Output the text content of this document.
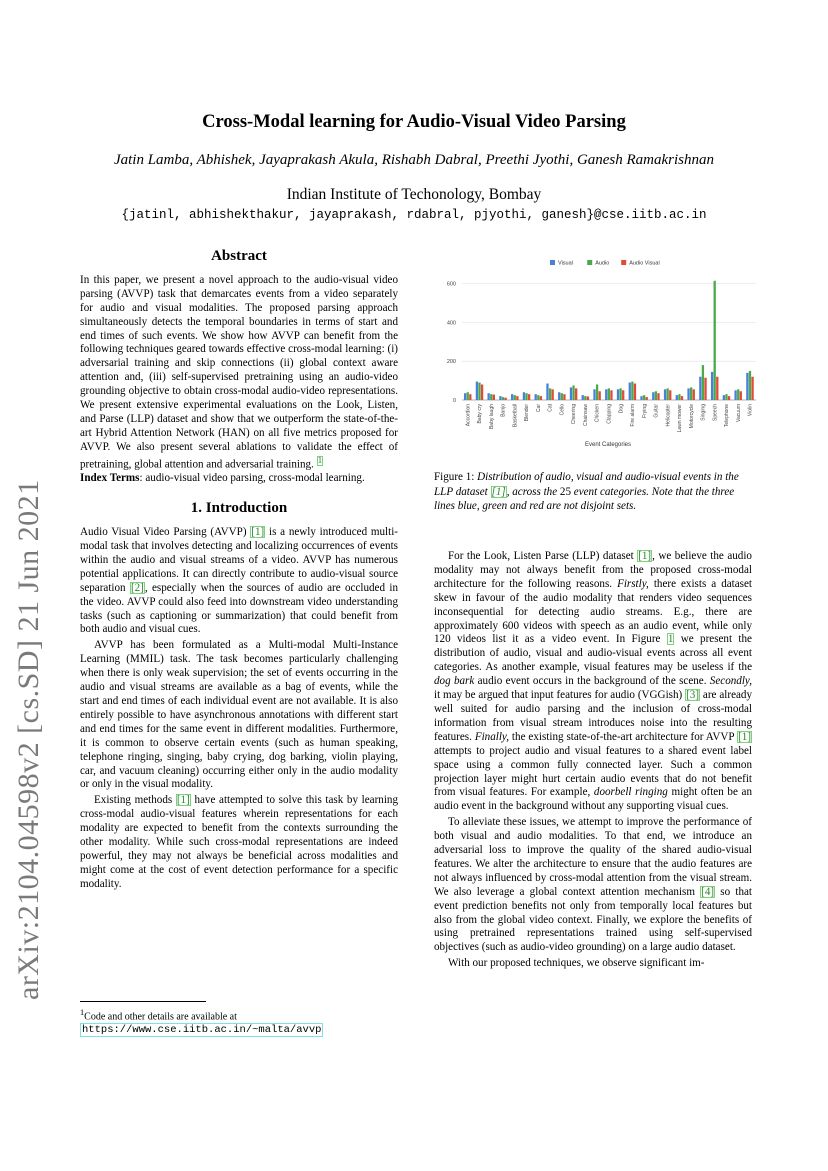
arXiv:2104.04598v2 [cs.SD] 21 Jun 2021
Cross-Modal learning for Audio-Visual Video Parsing
Jatin Lamba, Abhishek, Jayaprakash Akula, Rishabh Dabral, Preethi Jyothi, Ganesh Ramakrishnan
Indian Institute of Techonology, Bombay
{jatinl, abhishekthakur, jayaprakash, rdabral, pjyothi, ganesh}@cse.iitb.ac.in

Abstract

In this paper, we present a novel approach to the audio-visual video parsing (AVVP) task that demarcates events from a video separately for audio and visual modalities. The proposed parsing approach simultaneously detects the temporal boundaries in terms of start and end times of such events. We show how AVVP can benefit from the following techniques geared towards effective cross-modal learning: (i) adversarial training and skip connections (ii) global context aware attention and, (iii) self-supervised pretraining using an audio-video grounding objective to obtain cross-modal audio-video representations. We present extensive experimental evaluations on the Look, Listen, and Parse (LLP) dataset and show that we outperform the state-of-the-art Hybrid Attention Network (HAN) on all five metrics proposed for AVVP. We also present several ablations to validate the effect of pretraining, global attention and adversarial training. $^1$

Index Terms: audio-visual video parsing, cross-modal learning.

1. Introduction

Audio Visual Video Parsing (AVVP) [1] is a newly introduced multi-modal task that involves detecting and localizing occurrences of events within the audio and visual streams of a video. AVVP has numerous potential applications. It can directly contribute to audio-visual source separation [2], especially when the sources of audio are occluded in the video. AVVP could also feed into downstream video understanding tasks (such as captioning or summarization) that could benefit from both audio and visual cues.

AVVP has been formulated as a Multi-modal Multi-Instance Learning (MMIL) task. The task becomes particularly challenging when there is only weak supervision; the set of events occurring in the audio and visual streams are available as a bag of events, while the start and end times of each individual event are not available. It is also entirely possible to have asynchronous annotations with different start and end times for the same event in different modalities. Furthermore, it is common to observe certain events (such as human speaking, telephone ringing, singing, baby crying, dog barking, violin playing, car, and vacuum cleaning) occurring either only in the audio modality or only in the visual modality.

Existing methods [1] have attempted to solve this task by learning cross-modal audio-visual features wherein representations for each modality are expected to benefit from the contexts surrounding the other modality. While such cross-modal representations are indeed powerful, they may not always be beneficial across modalities and might come at the cost of event detection performance for a specific modality.

$^1$Code and other details are available at https://www.cse.iitb.ac.in/~malta/avvp
Visual	Audio	Audio Visual
0
200
400
600
Accordion Baby cry Baby laugh Banjo Basketball Blender Car Cat Cello Cheering Chainsaw Chicken Clapping Dog Fire alarm Frying Guitar Helicopter Lawn mower Motorcycle Singing Speech Telephone Vacuum Violin
Event Categories
Figure 1: Distribution of audio, visual and audio-visual events in the LLP dataset [1], across the 25 event categories. Note that the three lines blue, green and red are not disjoint sets.

For the Look, Listen Parse (LLP) dataset [1], we believe the audio modality may not always benefit from the proposed cross-modal architecture for the following reasons. Firstly, there exists a dataset skew in favour of the audio modality that renders video sequences inconsequential for detecting audio streams. E.g., there are approximately 600 videos with speech as an audio event, while only 120 videos list it as a video event. In Figure 1 we present the distribution of audio, visual and audio-visual events across all event categories. As another example, visual features may be useless if the dog bark audio event occurs in the background of the scene. Secondly, it may be argued that input features for audio (VGGish) [3] are already well suited for audio parsing and the inclusion of cross-modal information from visual stream introduces noise into the resulting features. Finally, the existing state-of-the-art architecture for AVVP [1] attempts to project audio and visual features to a shared event label space using a common fully connected layer. Such a common projection layer might hurt certain audio events that do not benefit from visual features. For example, doorbell ringing might often be an audio event in the background without any supporting visual cues.

To alleviate these issues, we attempt to improve the performance of both visual and audio modalities. To that end, we introduce an adversarial loss to improve the quality of the shared audio-visual features. We alter the architecture to ensure that the audio features are not always influenced by cross-modal attention from the visual stream. We also leverage a global context attention mechanism [4] so that event prediction benefits not only from temporally local features but also from the global video context. Finally, we explore the benefits of using pretrained representations trained using self-supervised objectives (such as audio-video grounding) on a large audio dataset.

With our proposed techniques, we observe significant im-
